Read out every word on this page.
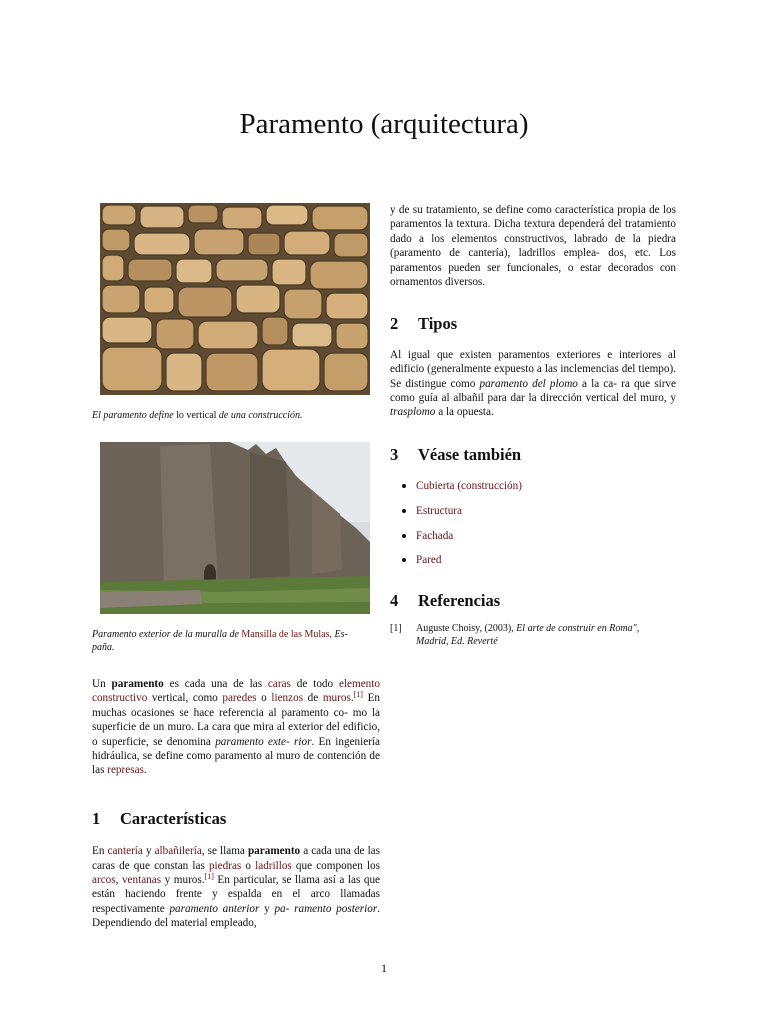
Paramento (arquitectura)
El paramento define lo vertical de una construcción.
Paramento exterior de la muralla de Mansilla de las Mulas, Es-
paña.

Un paramento es cada una de las caras de todo elemento constructivo vertical, como paredes o lienzos de muros.[1] En muchas ocasiones se hace referencia al paramento co- mo la superficie de un muro. La cara que mira al exterior del edificio, o superficie, se denomina paramento exte- rior. En ingeniería hidráulica, se define como paramento al muro de contención de las represas.

1	Características

En cantería y albañilería, se llama paramento a cada una de las caras de que constan las piedras o ladrillos que componen los arcos, ventanas y muros.[1] En particular, se llama así a las que están haciendo frente y espalda en el arco llamadas respectivamente paramento anterior y pa- ramento posterior. Dependiendo del material empleado,

y de su tratamiento, se define como característica propia de los paramentos la textura. Dicha textura dependerá del tratamiento dado a los elementos constructivos, labrado de la piedra (paramento de cantería), ladrillos emplea- dos, etc. Los paramentos pueden ser funcionales, o estar decorados con ornamentos diversos.

2	Tipos

Al igual que existen paramentos exteriores e interiores al edificio (generalmente expuesto a las inclemencias del tiempo). Se distingue como paramento del plomo a la ca- ra que sirve como guía al albañil para dar la dirección vertical del muro, y trasplomo a la opuesta.

3	Véase también
Cubierta (construcción)
Estructura
Fachada
Pared
4	Referencias
[1]	Auguste Choisy, (2003), El arte de construir en Roma",
Madrid, Ed. Reverté
1
